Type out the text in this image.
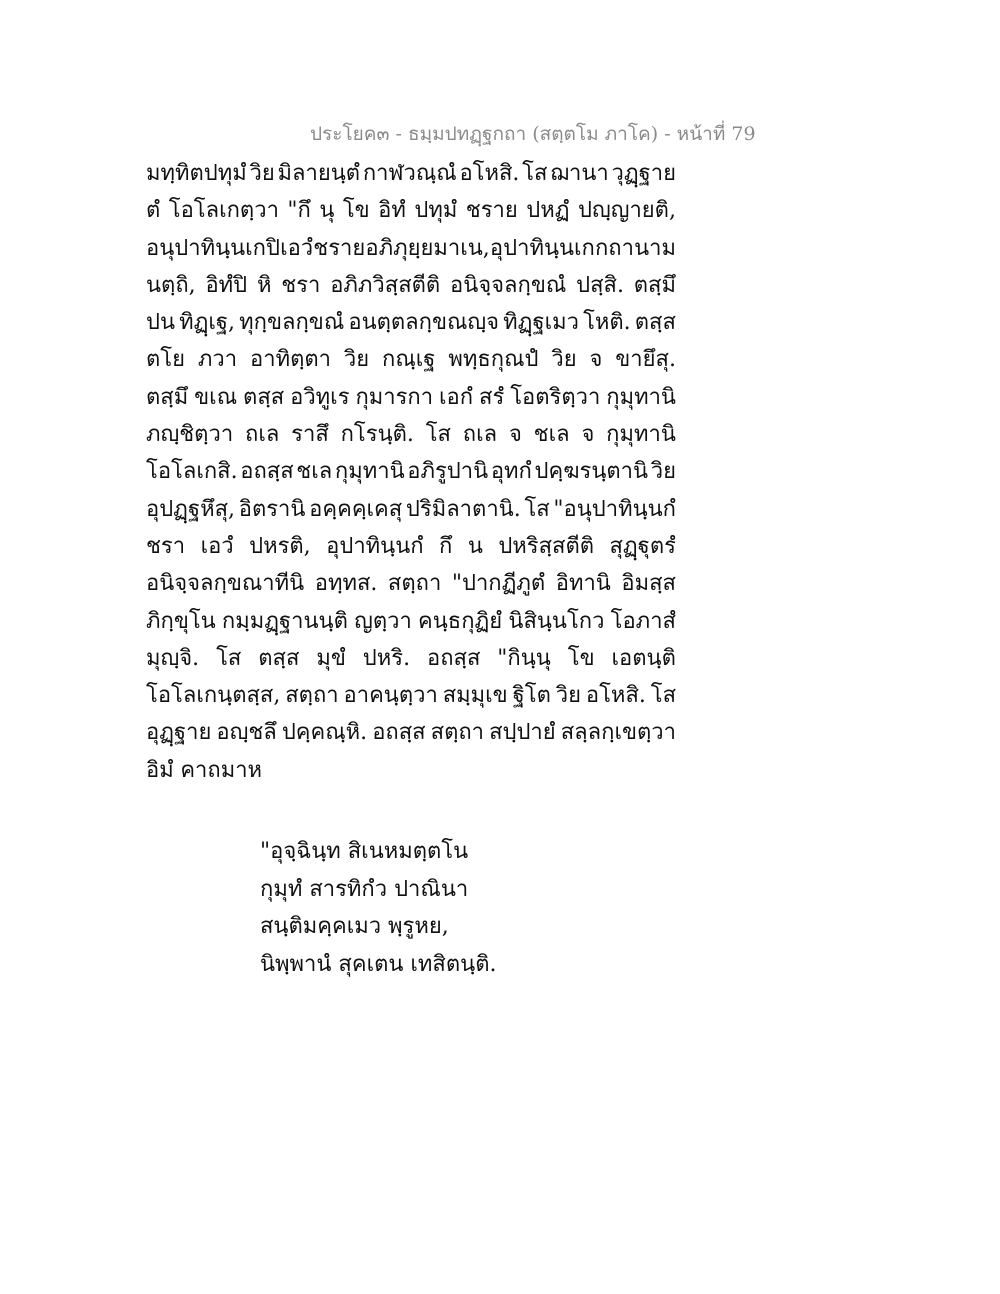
ประโยค๓ - ธมฺมปทฏฺฐกถา (สตฺตโม ภาโค) - หน้าที่ 79
มทฺทิตปทุมํ วิย มิลายนฺตํ กาฬวณฺณํ อโหสิ. โส ฌานา วุฏฺฐาย
ตํ โอโลเกตฺวา "กึ นุ โข อิทํ ปทุมํ ชราย ปหฏํ ปญฺญายติ,
อนุปาทินฺนเกปิ เอวํ ชราย อภิภุยฺยมาเน, อุปาทินฺนเก กถา นาม
นตฺถิ, อิทํปิ หิ ชรา อภิภวิสฺสตีติ อนิจฺจลกฺขณํ ปสฺสิ. ตสฺมึ
ปน ทิฏฺเฐ, ทุกฺขลกฺขณํ อนตฺตลกฺขณญฺจ ทิฏฺฐเมว โหติ. ตสฺส
ตโย ภวา อาทิตฺตา วิย กณฺเฐ พทฺธกุณปํ วิย จ ขายึสุ.
ตสฺมึ ขเณ ตสฺส อวิทูเร กุมารกา เอกํ สรํ โอตริตฺวา กุมุทานิ
ภญฺชิตฺวา ถเล ราสึ กโรนฺติ. โส ถเล จ ชเล จ กุมุทานิ
โอโลเกสิ. อถสฺส ชเล กุมุทานิ อภิรูปานิ อุทกํ ปคฺฆรนฺตานิ วิย
อุปฏฺฐหึสุ, อิตรานิ อคฺคคฺเคสุ ปริมิลาตานิ. โส "อนุปาทินฺนกํ
ชรา เอวํ ปหรติ, อุปาทินฺนกํ กึ น ปหริสฺสตีติ สุฏฺฐุตรํ
อนิจฺจลกฺขณาทีนิ อทฺทส. สตฺถา "ปากฏีภูตํ อิทานิ อิมสฺส
ภิกฺขุโน กมฺมฏฺฐานนฺติ ญตฺวา คนฺธกุฏิยํ นิสินฺนโกว โอภาสํ
มุญฺจิ. โส ตสฺส มุขํ ปหริ. อถสฺส "กินฺนุ โข เอตนฺติ
โอโลเกนฺตสฺส, สตฺถา อาคนฺตฺวา สมฺมุเข ฐิโต วิย อโหสิ. โส
อุฏฺฐาย อญฺชลึ ปคฺคณฺหิ. อถสฺส สตฺถา สปฺปายํ สลฺลกฺเขตฺวา
อิมํ คาถมาห
"อุจฺฉินฺท สิเนหมตฺตโน
กุมุทํ สารทิกํว ปาณินา
สนฺติมคฺคเมว พฺรูหย,
นิพฺพานํ สุคเตน เทสิตนฺติ.
